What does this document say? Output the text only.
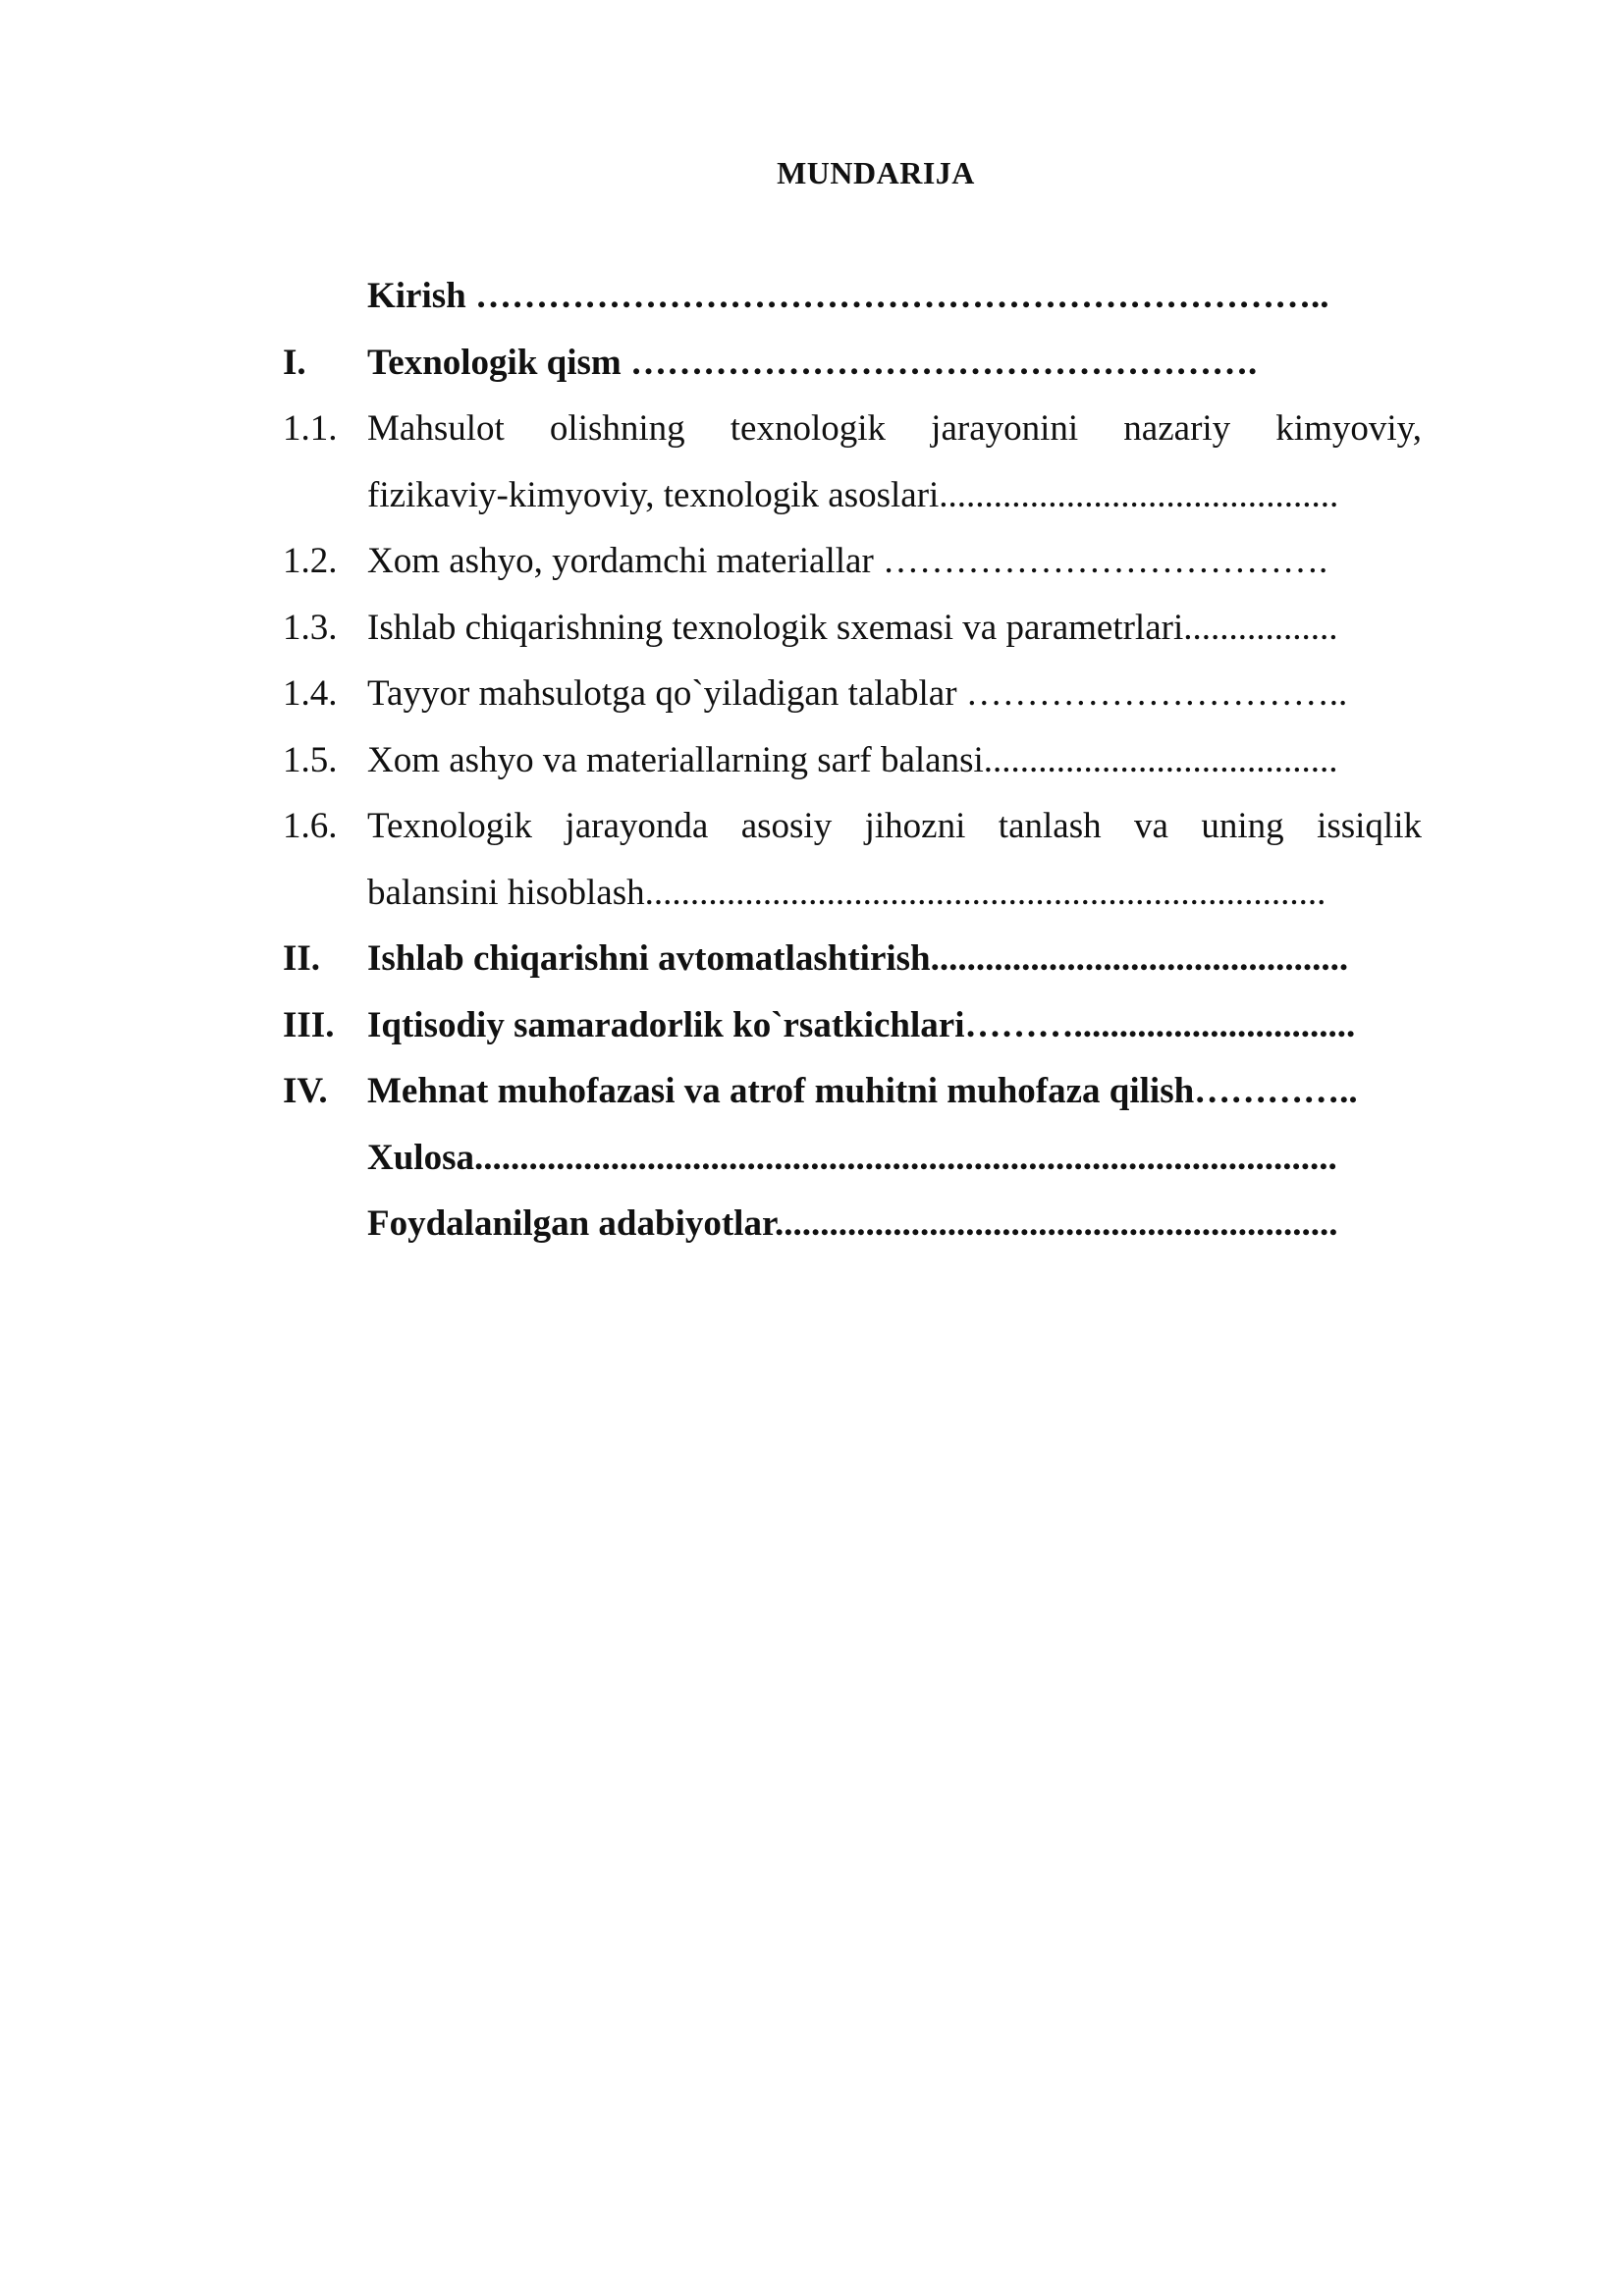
MUNDARIJA
Kirish ……………………………………………………………..
I.	Texnologik qism …………………………………………….
1.1. Mahsulot olishning texnologik jarayonini nazariy kimyoviy,
fizikaviy-kimyoviy, texnologik asoslari............................................
1.2. Xom ashyo, yordamchi materiallar ……………………………….
1.3. Ishlab chiqarishning texnologik sxemasi va parametrlari.................
1.4. Tayyor mahsulotga qo`yiladigan talablar …………………………..
1.5. Xom ashyo va materiallarning sarf balansi.......................................
1.6. Texnologik jarayonda asosiy jihozni tanlash va uning issiqlik
balansini hisoblash...........................................................................
II.	Ishlab chiqarishni avtomatlashtirish..............................................
III. Iqtisodiy samaradorlik ko`rsatkichlari………...............................
IV.	Mehnat muhofazasi va atrof muhitni muhofaza qilish…………..
Xulosa...............................................................................................
Foydalanilgan adabiyotlar..............................................................
